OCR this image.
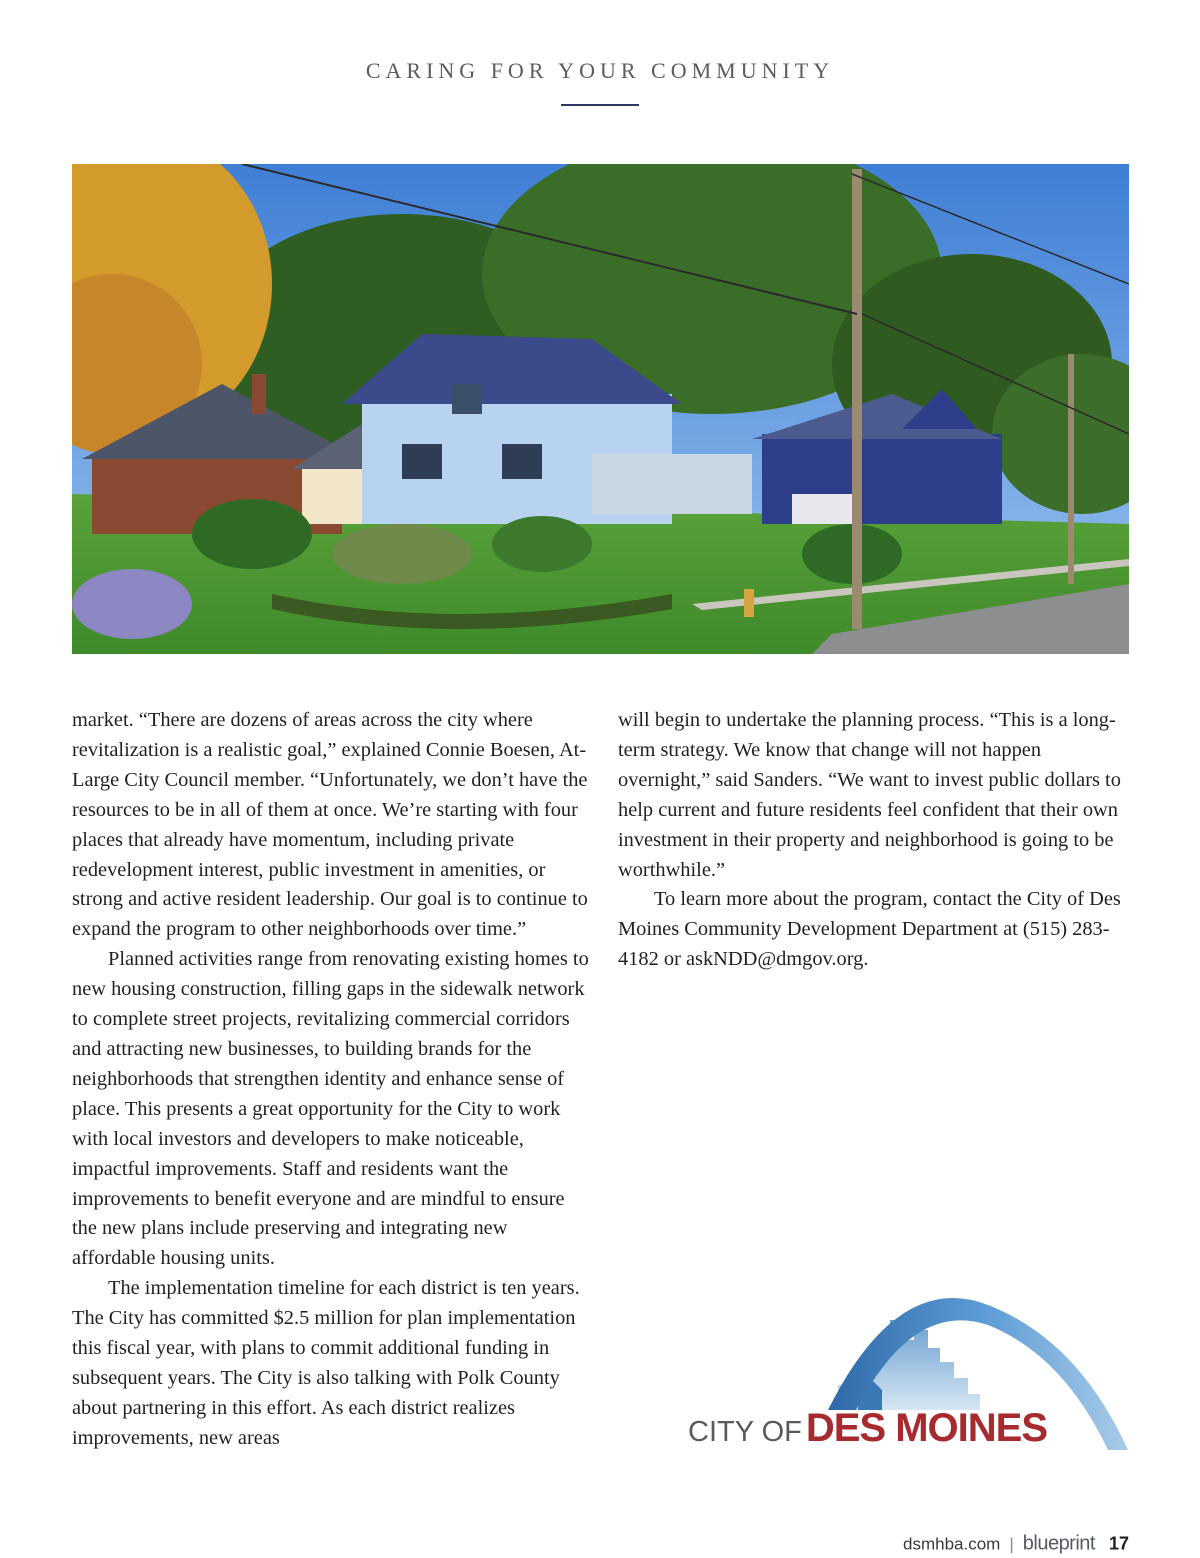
CARING FOR YOUR COMMUNITY

market. “There are dozens of areas across the city where revitalization is a realistic goal,” explained Connie Boesen, At-Large City Council member. “Unfortunately, we don’t have the resources to be in all of them at once. We’re starting with four places that already have momentum, including private redevelopment interest, public investment in amenities, or strong and active resident leadership. Our goal is to continue to expand the program to other neighborhoods over time.”

Planned activities range from renovating existing homes to new housing construction, filling gaps in the sidewalk network to complete street projects, revitalizing commercial corridors and attracting new businesses, to building brands for the neighborhoods that strengthen identity and enhance sense of place. This presents a great opportunity for the City to work with local investors and developers to make noticeable, impactful improvements. Staff and residents want the improvements to benefit everyone and are mindful to ensure the new plans include preserving and integrating new affordable housing units.

The implementation timeline for each district is ten years. The City has committed $2.5 million for plan implementation this fiscal year, with plans to commit additional funding in subsequent years. The City is also talking with Polk County about partnering in this effort. As each district realizes improvements, new areas

will begin to undertake the planning process. “This is a long-term strategy. We know that change will not happen overnight,” said Sanders. “We want to invest public dollars to help current and future residents feel confident that their own investment in their property and neighborhood is going to be worthwhile.”

To learn more about the program, contact the City of Des Moines Community Development Department at (515) 283-4182 or askNDD@dmgov.org.

CITY OF DES MOINES
dsmhba.com | blueprint 17
